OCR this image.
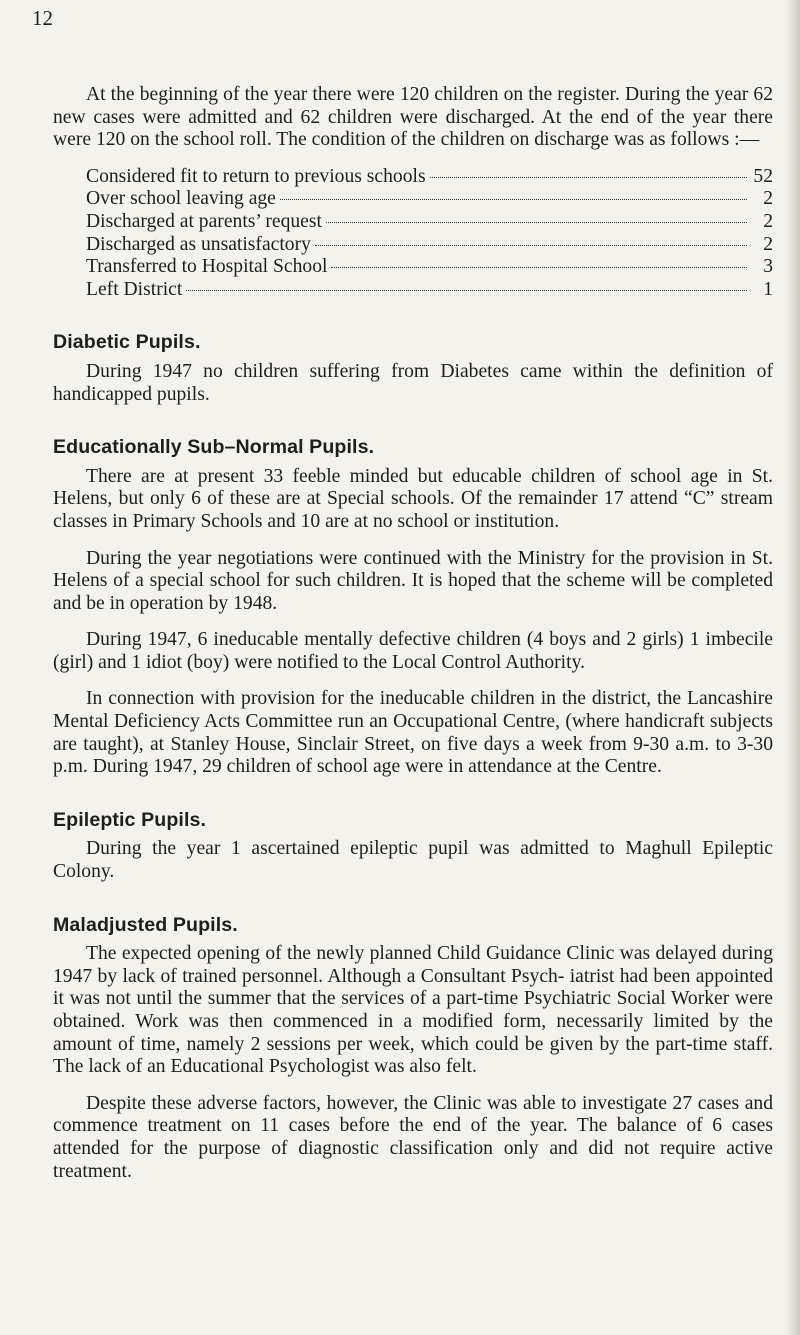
12

At the beginning of the year there were 120 children on the register. During the year 62 new cases were admitted and 62 children were discharged. At the end of the year there were 120 on the school roll. The condition of the children on discharge was as follows :—

Considered fit to return to previous schools	52
Over school leaving age	2
Discharged at parents’ request	2
Discharged as unsatisfactory	2
Transferred to Hospital School	3
Left District	1
Diabetic Pupils.

During 1947 no children suffering from Diabetes came within the definition of handicapped pupils.

Educationally Sub–Normal Pupils.

There are at present 33 feeble minded but educable children of school age in St. Helens, but only 6 of these are at Special schools. Of the remainder 17 attend “C” stream classes in Primary Schools and 10 are at no school or institution.

During the year negotiations were continued with the Ministry for the provision in St. Helens of a special school for such children. It is hoped that the scheme will be completed and be in operation by 1948.

During 1947, 6 ineducable mentally defective children (4 boys and 2 girls) 1 imbecile (girl) and 1 idiot (boy) were notified to the Local Control Authority.

In connection with provision for the ineducable children in the district, the Lancashire Mental Deficiency Acts Committee run an Occupational Centre, (where handicraft subjects are taught), at Stanley House, Sinclair Street, on five days a week from 9-30 a.m. to 3-30 p.m. During 1947, 29 children of school age were in attendance at the Centre.

Epileptic Pupils.

During the year 1 ascertained epileptic pupil was admitted to Maghull Epileptic Colony.

Maladjusted Pupils.

The expected opening of the newly planned Child Guidance Clinic was delayed during 1947 by lack of trained personnel. Although a Consultant Psych- iatrist had been appointed it was not until the summer that the services of a part-time Psychiatric Social Worker were obtained. Work was then commenced in a modified form, necessarily limited by the amount of time, namely 2 sessions per week, which could be given by the part-time staff. The lack of an Educational Psychologist was also felt.

Despite these adverse factors, however, the Clinic was able to investigate 27 cases and commence treatment on 11 cases before the end of the year. The balance of 6 cases attended for the purpose of diagnostic classification only and did not require active treatment.
